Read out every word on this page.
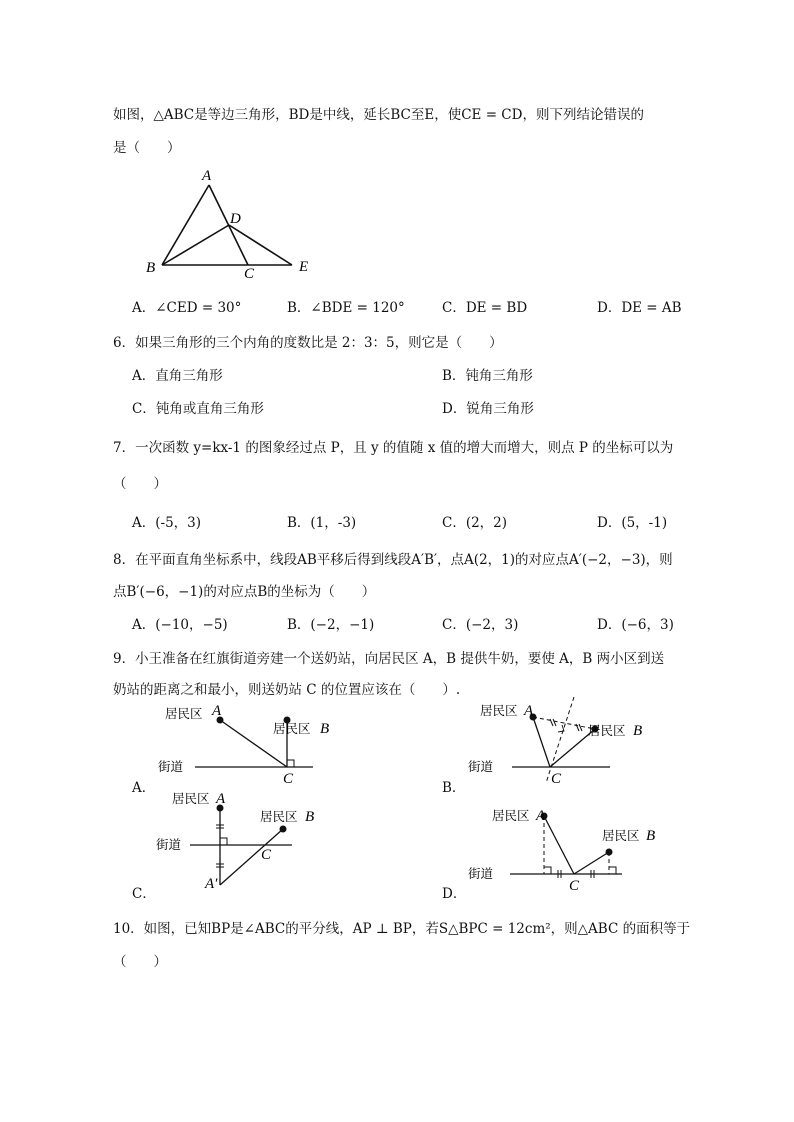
如图，△ABC是等边三角形，BD是中线，延长BC至E，使CE = CD，则下列结论错误的
是（　　）
A
D
B	C	E
A．∠CED = 30°	B．∠BDE = 120°	C．DE = BD	D．DE = AB
6．如果三角形的三个内角的度数比是 2：3：5，则它是（　　）
A．直角三角形	B．钝角三角形
C．钝角或直角三角形	D．锐角三角形
7．一次函数 y=kx-1 的图象经过点 P，且 y 的值随 x 值的增大而增大，则点 P 的坐标可以为
（　　）
A．(-5，3)	B．(1，-3)	C．(2，2)	D．(5，-1)
8．在平面直角坐标系中，线段AB平移后得到线段A′B′，点A(2，1)的对应点A′(−2，−3)，则
点B′(−6，−1)的对应点B的坐标为（　　）
A．(−10，−5)	B．(−2，−1)	C．(−2，3)	D．(−6，3)
9．小王准备在红旗街道旁建一个送奶站，向居民区 A，B 提供牛奶，要使 A，B 两小区到送
奶站的距离之和最小，则送奶站 C 的位置应该在（　　）.
居民区 A
居民区 B
街道
C
A．
居民区 A
居民区 B
街道
C
B．
居民区 A
居民区 B
街道
C
A′
C．
居民区 A
居民区 B
街道
C
D．
10．如图，已知BP是∠ABC的平分线，AP ⊥ BP，若S△BPC = 12cm²，则△ABC 的面积等于
（　　）
